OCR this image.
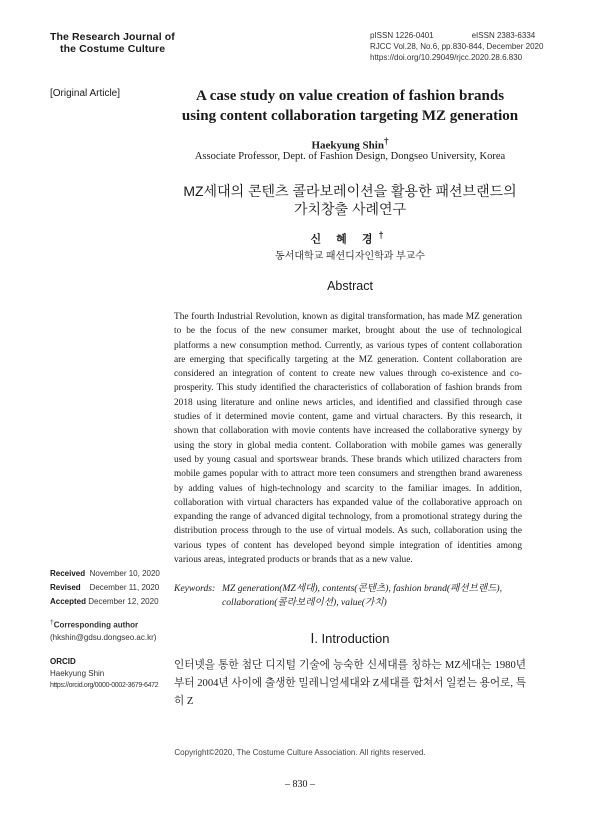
The Research Journal of
the Costume Culture
pISSN 1226-0401	eISSN 2383-6334
RJCC Vol.28, No.6, pp.830-844, December 2020
https://doi.org/10.29049/rjcc.2020.28.6.830
[Original Article]	A case study on value creation of fashion brands
using content collaboration targeting MZ generation
Haekyung Shin†
Associate Professor, Dept. of Fashion Design, Dongseo University, Korea
MZ세대의 콘텐츠 콜라보레이션을 활용한 패션브랜드의
가치창출 사례연구
신 혜 경†
동서대학교 패션디자인학과 부교수
Abstract
The fourth Industrial Revolution, known as digital transformation, has made MZ generation to be the focus of the new consumer market, brought about the use of technological platforms a new consumption method. Currently, as various types of content collaboration are emerging that specifically targeting at the MZ generation. Content collaboration are considered an integration of content to create new values through co-existence and co-prosperity. This study identified the characteristics of collaboration of fashion brands from 2018 using literature and online news articles, and identified and classified through case studies of it determined movie content, game and virtual characters. By this research, it shown that collaboration with movie contents have increased the collaborative synergy by using the story in global media content. Collaboration with mobile games was generally used by young casual and sportswear brands. These brands which utilized characters from mobile games popular with to attract more teen consumers and strengthen brand awareness by adding values of high-technology and scarcity to the familiar images. In addition, collaboration with virtual characters has expanded value of the collaborative approach on expanding the range of advanced digital technology, from a promotional strategy during the distribution process through to the use of virtual models. As such, collaboration using the various types of content has developed beyond simple integration of identities among various areas, integrated products or brands that as a new value.
Keywords: MZ generation(MZ세대), contents(콘텐츠), fashion brand(패션브랜드),
collaboration(콜라보레이션), value(가치)
Received November 10, 2020
Revised December 11, 2020
Accepted December 12, 2020
†Corresponding author
(hkshin@gdsu.dongseo.ac.kr)
ORCID
Haekyung Shin
https://orcid.org/0000-0002-3679-6472
Ⅰ. Introduction
인터넷을 통한 첨단 디지털 기술에 능숙한 신세대를 칭하는 MZ세대는 1980년부터 2004년 사이에 출생한 밀레니얼세대와 Z세대를 합쳐서 일컫는 용어로, 특히 Z
Copyright©2020, The Costume Culture Association. All rights reserved.
– 830 –
